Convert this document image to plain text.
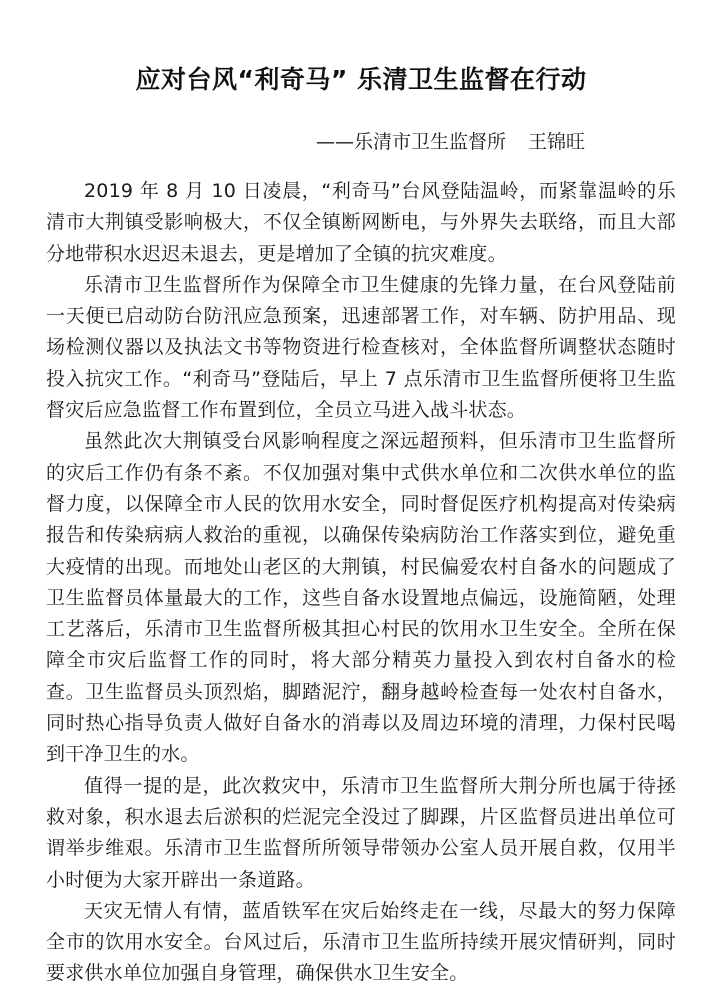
应对台风“利奇马” 乐清卫生监督在行动
——乐清市卫生监督所 王锦旺

2019 年 8 月 10 日凌晨，“利奇马”台风登陆温岭，而紧靠温岭的乐清市大荆镇受影响极大，不仅全镇断网断电，与外界失去联络，而且大部分地带积水迟迟未退去，更是增加了全镇的抗灾难度。

乐清市卫生监督所作为保障全市卫生健康的先锋力量，在台风登陆前一天便已启动防台防汛应急预案，迅速部署工作，对车辆、防护用品、现场检测仪器以及执法文书等物资进行检查核对，全体监督所调整状态随时投入抗灾工作。“利奇马”登陆后，早上 7 点乐清市卫生监督所便将卫生监督灾后应急监督工作布置到位，全员立马进入战斗状态。

虽然此次大荆镇受台风影响程度之深远超预料，但乐清市卫生监督所的灾后工作仍有条不紊。不仅加强对集中式供水单位和二次供水单位的监督力度，以保障全市人民的饮用水安全，同时督促医疗机构提高对传染病报告和传染病病人救治的重视，以确保传染病防治工作落实到位，避免重大疫情的出现。而地处山老区的大荆镇，村民偏爱农村自备水的问题成了卫生监督员体量最大的工作，这些自备水设置地点偏远，设施简陋，处理工艺落后，乐清市卫生监督所极其担心村民的饮用水卫生安全。全所在保障全市灾后监督工作的同时，将大部分精英力量投入到农村自备水的检查。卫生监督员头顶烈焰，脚踏泥泞，翻身越岭检查每一处农村自备水，同时热心指导负责人做好自备水的消毒以及周边环境的清理，力保村民喝到干净卫生的水。

值得一提的是，此次救灾中，乐清市卫生监督所大荆分所也属于待拯救对象，积水退去后淤积的烂泥完全没过了脚踝，片区监督员进出单位可谓举步维艰。乐清市卫生监督所所领导带领办公室人员开展自救，仅用半小时便为大家开辟出一条道路。

天灾无情人有情，蓝盾铁军在灾后始终走在一线，尽最大的努力保障全市的饮用水安全。台风过后，乐清市卫生监所持续开展灾情研判，同时要求供水单位加强自身管理，确保供水卫生安全。
